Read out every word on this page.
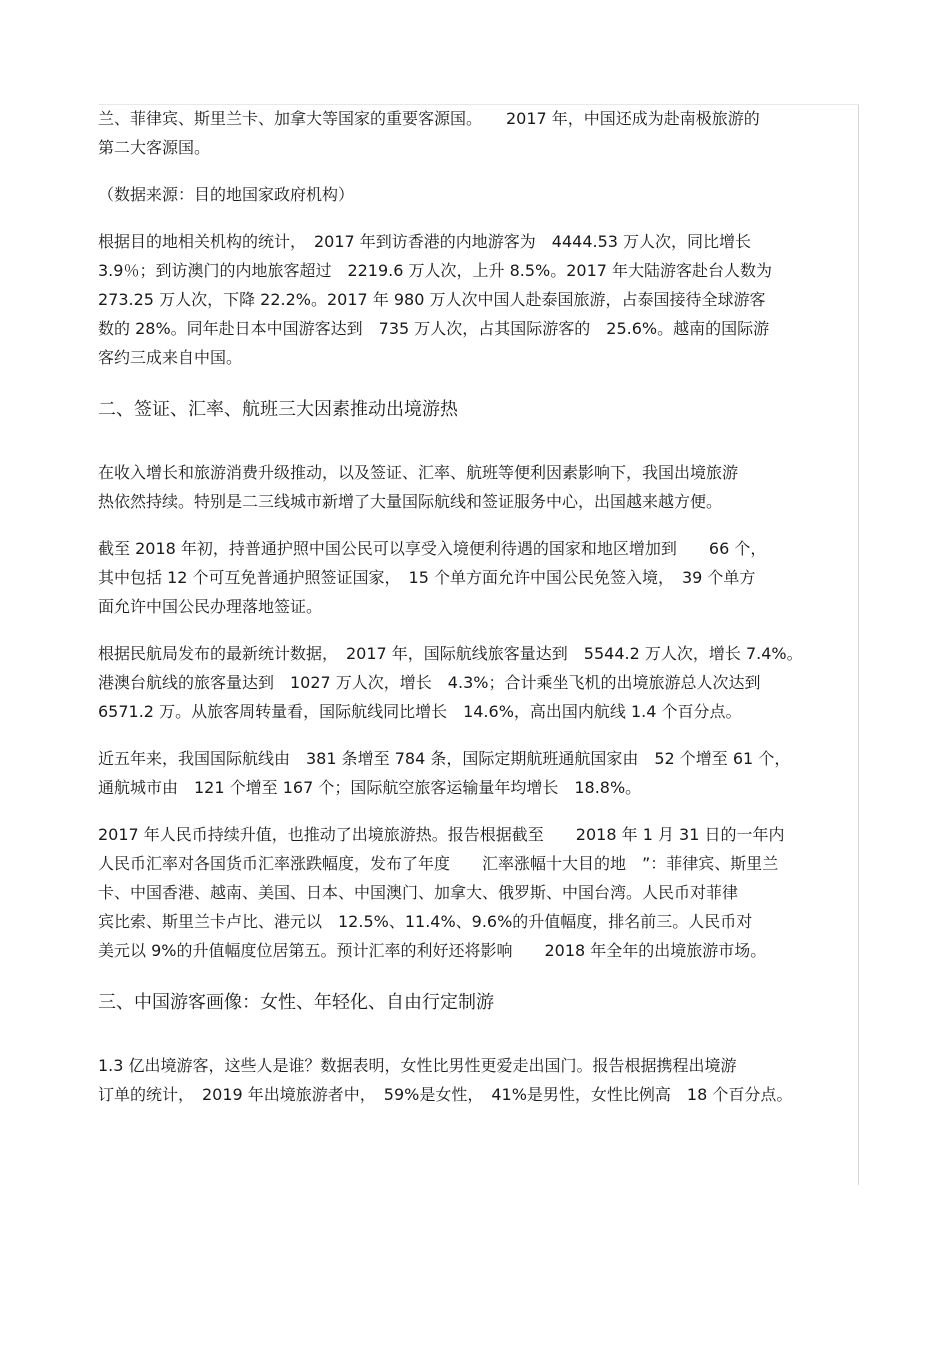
兰、菲律宾、斯里兰卡、加拿大等国家的重要客源国。　　2017 年，中国还成为赴南极旅游的
第二大客源国。
（数据来源：目的地国家政府机构）
根据目的地相关机构的统计，　2017 年到访香港的内地游客为　4444.53 万人次，同比增长
3.9％；到访澳门的内地旅客超过　2219.6 万人次，上升 8.5%。2017 年大陆游客赴台人数为
273.25 万人次，下降 22.2%。2017 年 980 万人次中国人赴泰国旅游，占泰国接待全球游客
数的 28%。同年赴日本中国游客达到　735 万人次，占其国际游客的　25.6%。越南的国际游
客约三成来自中国。
二、签证、汇率、航班三大因素推动出境游热
在收入增长和旅游消费升级推动，以及签证、汇率、航班等便利因素影响下，我国出境旅游
热依然持续。特别是二三线城市新增了大量国际航线和签证服务中心，出国越来越方便。
截至 2018 年初，持普通护照中国公民可以享受入境便利待遇的国家和地区增加到　　66 个，
其中包括 12 个可互免普通护照签证国家，　15 个单方面允许中国公民免签入境，　39 个单方
面允许中国公民办理落地签证。
根据民航局发布的最新统计数据，　2017 年，国际航线旅客量达到　5544.2 万人次，增长 7.4%。
港澳台航线的旅客量达到　1027 万人次，增长　4.3%；合计乘坐飞机的出境旅游总人次达到
6571.2 万。从旅客周转量看，国际航线同比增长　14.6%，高出国内航线 1.4 个百分点。
近五年来，我国国际航线由　381 条增至 784 条，国际定期航班通航国家由　52 个增至 61 个，
通航城市由　121 个增至 167 个；国际航空旅客运输量年均增长　18.8%。
2017 年人民币持续升值，也推动了出境旅游热。报告根据截至　　2018 年 1 月 31 日的一年内
人民币汇率对各国货币汇率涨跌幅度，发布了年度　　汇率涨幅十大目的地　”：菲律宾、斯里兰
卡、中国香港、越南、美国、日本、中国澳门、加拿大、俄罗斯、中国台湾。人民币对菲律
宾比索、斯里兰卡卢比、港元以　12.5%、11.4%、9.6%的升值幅度，排名前三。人民币对
美元以 9%的升值幅度位居第五。预计汇率的利好还将影响　　2018 年全年的出境旅游市场。
三、中国游客画像：女性、年轻化、自由行定制游
1.3 亿出境游客，这些人是谁？数据表明，女性比男性更爱走出国门。报告根据携程出境游
订单的统计，　2019 年出境旅游者中，　59%是女性，　41%是男性，女性比例高　18 个百分点。
